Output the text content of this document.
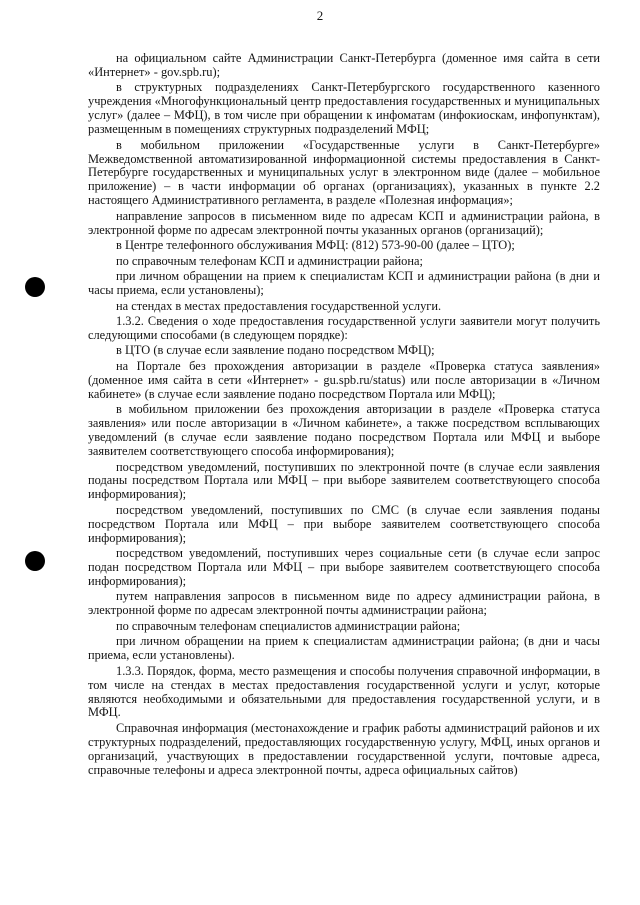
2

на официальном сайте Администрации Санкт-Петербурга (доменное имя сайта в сети «Интернет» - gov.spb.ru);

в структурных подразделениях Санкт-Петербургского государственного казенного учреждения «Многофункциональный центр предоставления государственных и муниципальных услуг» (далее – МФЦ), в том числе при обращении к инфоматам (инфокиоскам, инфопунктам), размещенным в помещениях структурных подразделений МФЦ;

в мобильном приложении «Государственные услуги в Санкт-Петербурге» Межведомственной автоматизированной информационной системы предоставления в Санкт-Петербурге государственных и муниципальных услуг в электронном виде (далее – мобильное приложение) – в части информации об органах (организациях), указанных в пункте 2.2 настоящего Административного регламента, в разделе «Полезная информация»;

направление запросов в письменном виде по адресам КСП и администрации района, в электронной форме по адресам электронной почты указанных органов (организаций);

в Центре телефонного обслуживания МФЦ: (812) 573-90-00 (далее – ЦТО);

по справочным телефонам КСП и администрации района;

при личном обращении на прием к специалистам КСП и администрации района (в дни и часы приема, если установлены);

на стендах в местах предоставления государственной услуги.

1.3.2. Сведения о ходе предоставления государственной услуги заявители могут получить следующими способами (в следующем порядке):

в ЦТО (в случае если заявление подано посредством МФЦ);

на Портале без прохождения авторизации в разделе «Проверка статуса заявления» (доменное имя сайта в сети «Интернет» - gu.spb.ru/status) или после авторизации в «Личном кабинете» (в случае если заявление подано посредством Портала или МФЦ);

в мобильном приложении без прохождения авторизации в разделе «Проверка статуса заявления» или после авторизации в «Личном кабинете», а также посредством всплывающих уведомлений (в случае если заявление подано посредством Портала или МФЦ и выборе заявителем соответствующего способа информирования);

посредством уведомлений, поступивших по электронной почте (в случае если заявления поданы посредством Портала или МФЦ – при выборе заявителем соответствующего способа информирования);

посредством уведомлений, поступивших по СМС (в случае если заявления поданы посредством Портала или МФЦ – при выборе заявителем соответствующего способа информирования);

посредством уведомлений, поступивших через социальные сети (в случае если запрос подан посредством Портала или МФЦ – при выборе заявителем соответствующего способа информирования);

путем направления запросов в письменном виде по адресу администрации района, в электронной форме по адресам электронной почты администрации района;

по справочным телефонам специалистов администрации района;

при личном обращении на прием к специалистам администрации района; (в дни и часы приема, если установлены).

1.3.3. Порядок, форма, место размещения и способы получения справочной информации, в том числе на стендах в местах предоставления государственной услуги и услуг, которые являются необходимыми и обязательными для предоставления государственной услуги, и в МФЦ.

Справочная информация (местонахождение и график работы администраций районов и их структурных подразделений, предоставляющих государственную услугу, МФЦ, иных органов и организаций, участвующих в предоставлении государственной услуги, почтовые адреса, справочные телефоны и адреса электронной почты, адреса официальных сайтов)
